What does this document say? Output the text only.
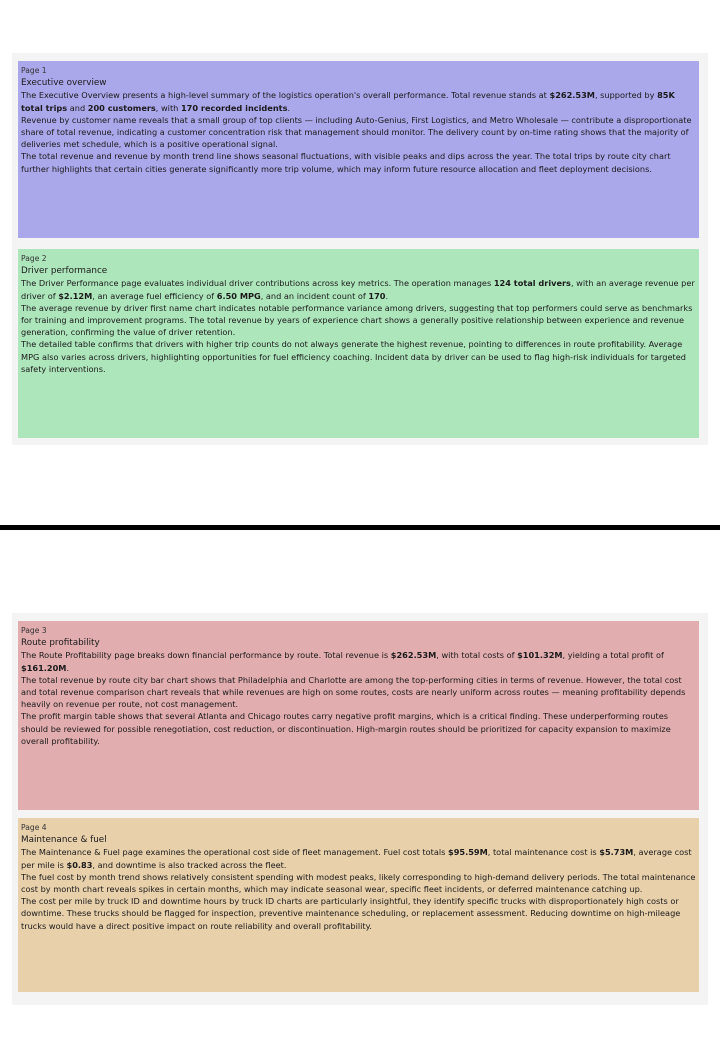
Page 1
Executive overview

The Executive Overview presents a high-level summary of the logistics operation's overall performance. Total revenue stands at $262.53M, supported by 85K total trips and 200 customers, with 170 recorded incidents.

Revenue by customer name reveals that a small group of top clients — including Auto-Genius, First Logistics, and Metro Wholesale — contribute a disproportionate share of total revenue, indicating a customer concentration risk that management should monitor. The delivery count by on-time rating shows that the majority of deliveries met schedule, which is a positive operational signal.

The total revenue and revenue by month trend line shows seasonal fluctuations, with visible peaks and dips across the year. The total trips by route city chart further highlights that certain cities generate significantly more trip volume, which may inform future resource allocation and fleet deployment decisions.

Page 2
Driver performance

The Driver Performance page evaluates individual driver contributions across key metrics. The operation manages 124 total drivers, with an average revenue per driver of $2.12M, an average fuel efficiency of 6.50 MPG, and an incident count of 170.

The average revenue by driver first name chart indicates notable performance variance among drivers, suggesting that top performers could serve as benchmarks for training and improvement programs. The total revenue by years of experience chart shows a generally positive relationship between experience and revenue generation, confirming the value of driver retention.

The detailed table confirms that drivers with higher trip counts do not always generate the highest revenue, pointing to differences in route profitability. Average MPG also varies across drivers, highlighting opportunities for fuel efficiency coaching. Incident data by driver can be used to flag high-risk individuals for targeted safety interventions.

Page 3
Route profitability

The Route Profitability page breaks down financial performance by route. Total revenue is $262.53M, with total costs of $101.32M, yielding a total profit of $161.20M.

The total revenue by route city bar chart shows that Philadelphia and Charlotte are among the top-performing cities in terms of revenue. However, the total cost and total revenue comparison chart reveals that while revenues are high on some routes, costs are nearly uniform across routes — meaning profitability depends heavily on revenue per route, not cost management.

The profit margin table shows that several Atlanta and Chicago routes carry negative profit margins, which is a critical finding. These underperforming routes should be reviewed for possible renegotiation, cost reduction, or discontinuation. High-margin routes should be prioritized for capacity expansion to maximize overall profitability.

Page 4
Maintenance & fuel

The Maintenance & Fuel page examines the operational cost side of fleet management. Fuel cost totals $95.59M, total maintenance cost is $5.73M, average cost per mile is $0.83, and downtime is also tracked across the fleet.

The fuel cost by month trend shows relatively consistent spending with modest peaks, likely corresponding to high-demand delivery periods. The total maintenance cost by month chart reveals spikes in certain months, which may indicate seasonal wear, specific fleet incidents, or deferred maintenance catching up.

The cost per mile by truck ID and downtime hours by truck ID charts are particularly insightful, they identify specific trucks with disproportionately high costs or downtime. These trucks should be flagged for inspection, preventive maintenance scheduling, or replacement assessment. Reducing downtime on high-mileage trucks would have a direct positive impact on route reliability and overall profitability.
